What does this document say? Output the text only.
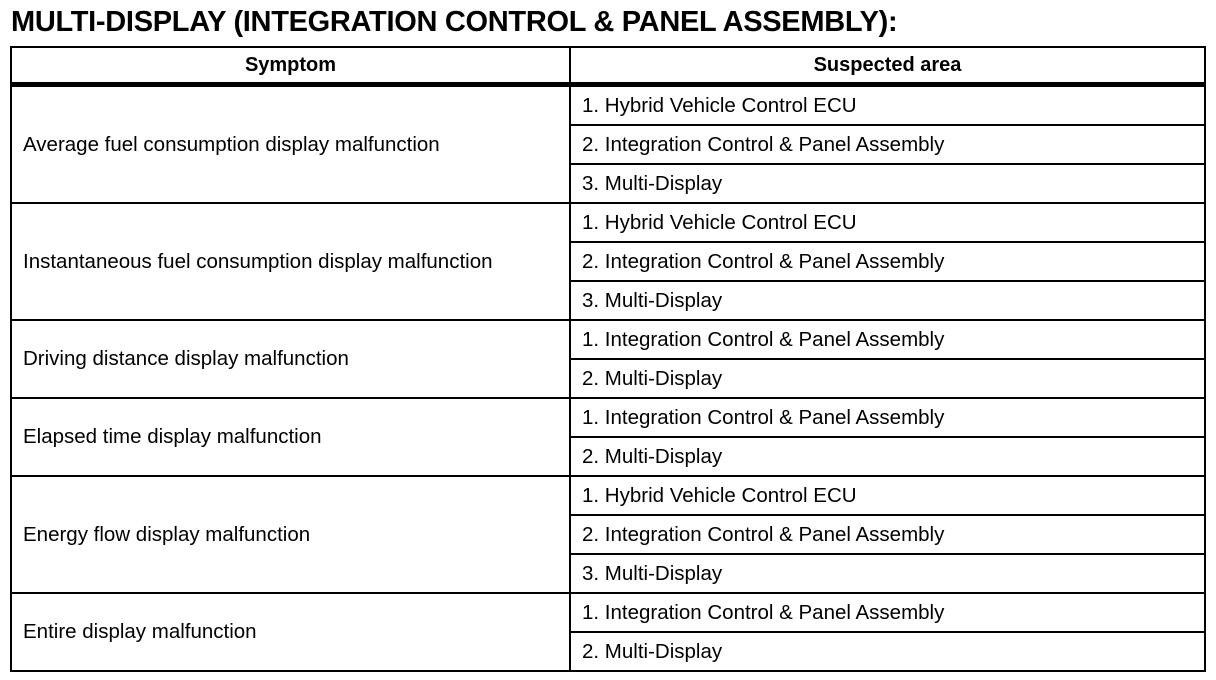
MULTI-DISPLAY (INTEGRATION CONTROL & PANEL ASSEMBLY):
Symptom	Suspected area
Average fuel consumption display malfunction	1. Hybrid Vehicle Control ECU
	2. Integration Control & Panel Assembly
	3. Multi-Display
Instantaneous fuel consumption display malfunction	1. Hybrid Vehicle Control ECU
	2. Integration Control & Panel Assembly
	3. Multi-Display
Driving distance display malfunction	1. Integration Control & Panel Assembly
	2. Multi-Display
Elapsed time display malfunction	1. Integration Control & Panel Assembly
	2. Multi-Display
Energy flow display malfunction	1. Hybrid Vehicle Control ECU
	2. Integration Control & Panel Assembly
	3. Multi-Display
Entire display malfunction	1. Integration Control & Panel Assembly
	2. Multi-Display
